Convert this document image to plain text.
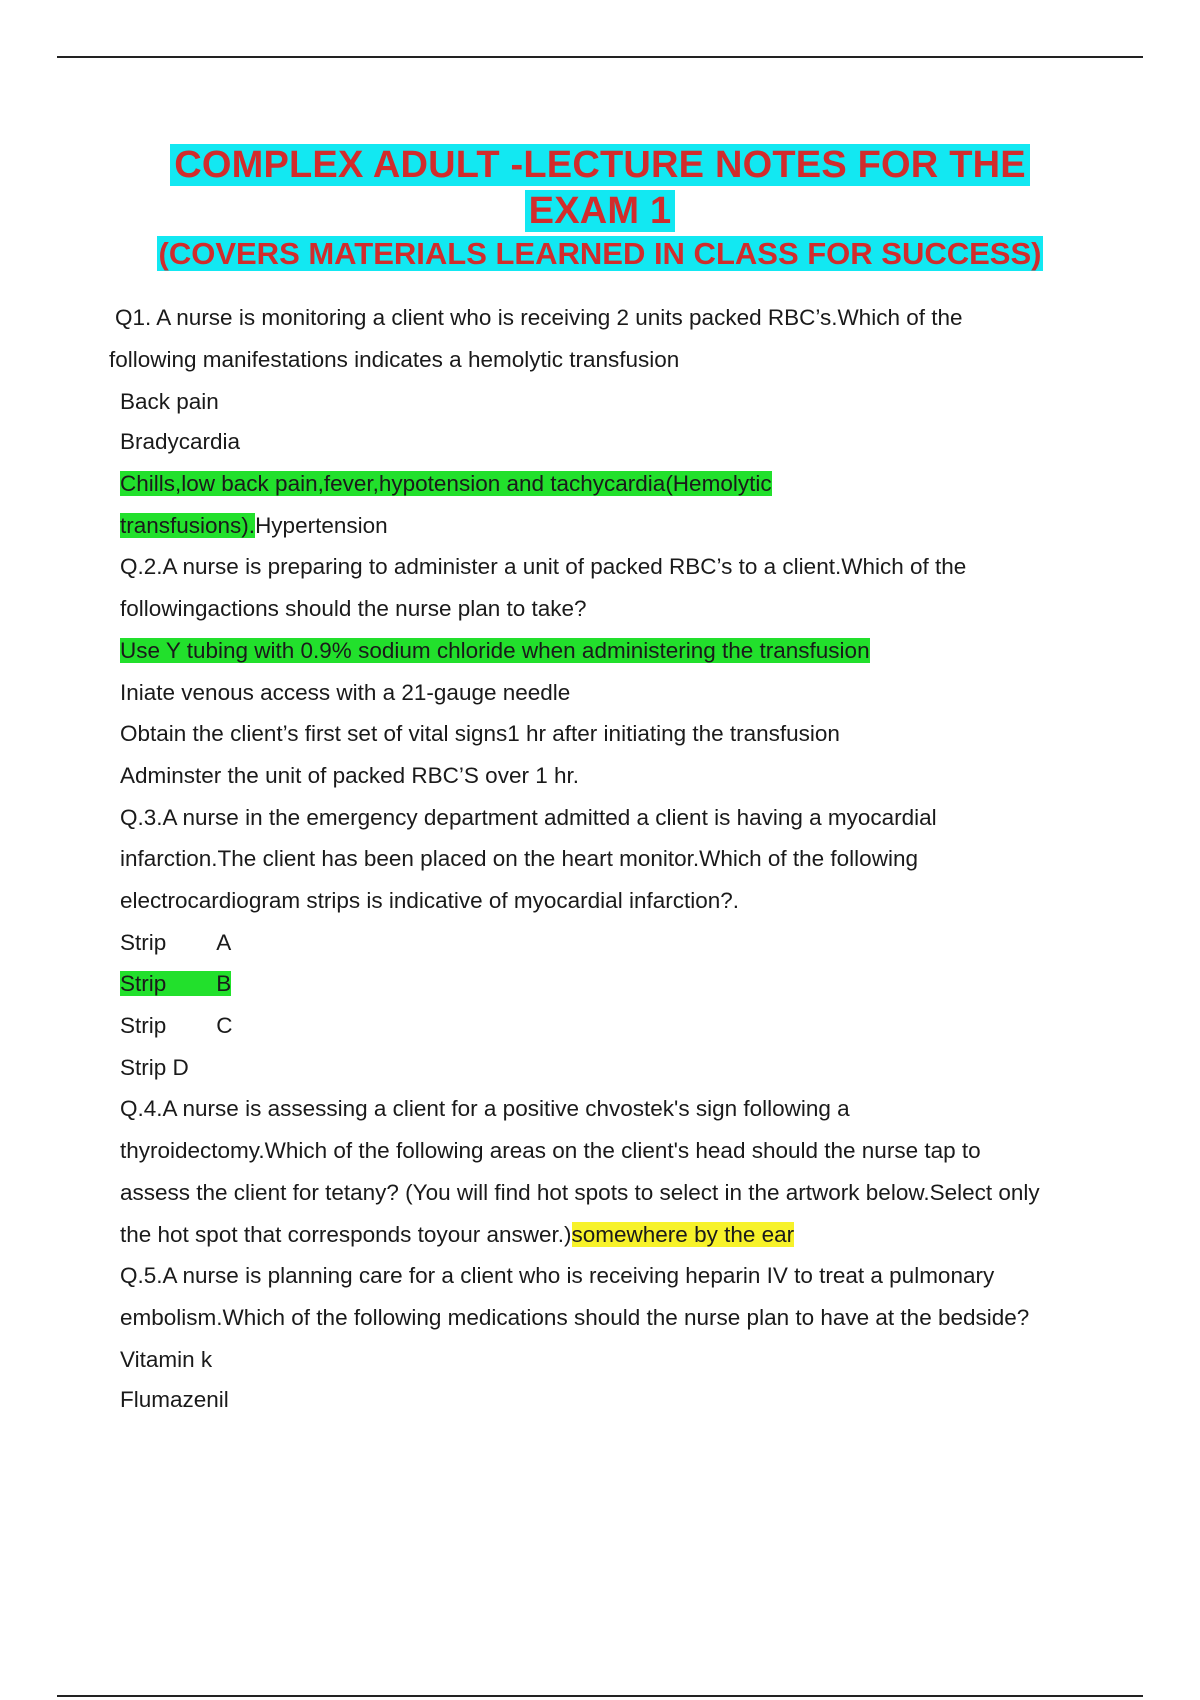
COMPLEX ADULT -LECTURE NOTES FOR THE
EXAM 1
(COVERS MATERIALS LEARNED IN CLASS FOR SUCCESS)
Q1. A nurse is monitoring a client who is receiving 2 units packed RBC’s.Which of the
following manifestations indicates a hemolytic transfusion
Back pain
Bradycardia
Chills,low back pain,fever,hypotension and tachycardia(Hemolytic
transfusions).Hypertension
Q.2.A nurse is preparing to administer a unit of packed RBC’s to a client.Which of the
followingactions should the nurse plan to take?
Use Y tubing with 0.9% sodium chloride when administering the transfusion
Iniate venous access with a 21-gauge needle
Obtain the client’s first set of vital signs1 hr after initiating the transfusion
Adminster the unit of packed RBC’S over 1 hr.
Q.3.A nurse in the emergency department admitted a client is having a myocardial
infarction.The client has been placed on the heart monitor.Which of the following
electrocardiogram strips is indicative of myocardial infarction?.
Strip A
Strip B
Strip C
Strip D
Q.4.A nurse is assessing a client for a positive chvostek's sign following a
thyroidectomy.Which of the following areas on the client's head should the nurse tap to
assess the client for tetany? (You will find hot spots to select in the artwork below.Select only
the hot spot that corresponds toyour answer.)somewhere by the ear
Q.5.A nurse is planning care for a client who is receiving heparin IV to treat a pulmonary
embolism.Which of the following medications should the nurse plan to have at the bedside?
Vitamin k
Flumazenil
